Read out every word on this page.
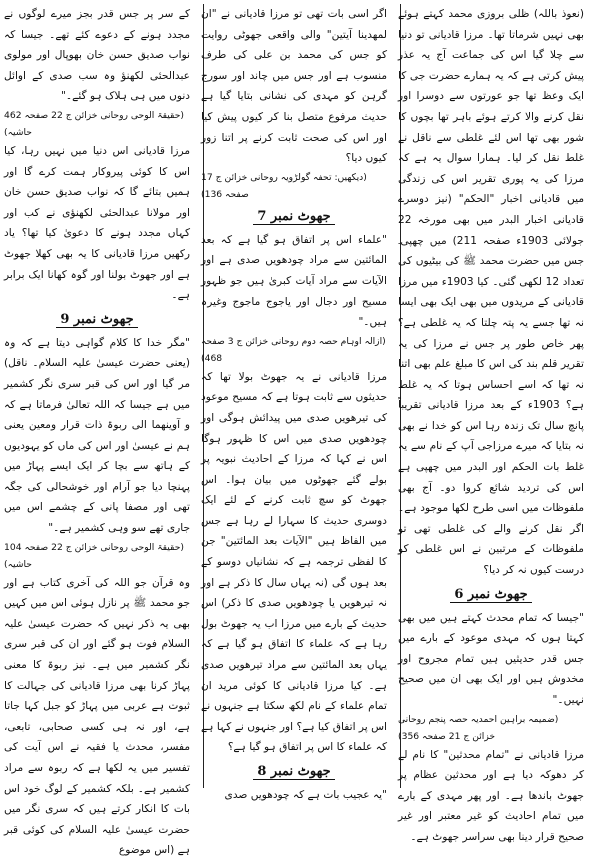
(نعوذ باللہ) ظلی بروزی محمد کہتے ہوئے بھی نہیں شرماتا تھا۔ مرزا قادیانی تو دنیا سے چلا گیا اس کی جماعت آج یہ عذر پیش کرتی ہے کہ یہ ہمارے حضرت جی کا ایک وعظ تھا جو عورتوں سے دوسرا اور نقل کرنے والا کرتے ہوئے باہر تھا بچوں کا شور بھی تھا اس لئے غلطی سے ناقل نے غلط نقل کر لیا۔ ہمارا سوال یہ ہے کہ مرزا کی یہ پوری تقریر اس کی زندگی میں قادیانی اخبار "الحکم" (نیز دوسرے قادیانی اخبار البدر میں بھی مورخہ 22 جولائی 1903ء صفحہ 211) میں چھپی۔ جس میں حضرت محمد ﷺ کی بیٹیوں کی تعداد 12 لکھی گئی۔ کیا 1903ء میں مرزا قادیانی کے مریدوں میں بھی ایک بھی ایسا نہ تھا جسے یہ پتہ چلتا کہ یہ غلطی ہے؟ پھر خاص طور پر جس نے مرزا کی یہ تقریر قلم بند کی اس کا مبلغ علم بھی اتنا نہ تھا کہ اسے احساس ہوتا کہ یہ غلط ہے؟ 1903ء کے بعد مرزا قادیانی تقریباً پانچ سال تک زندہ رہا اس کو خدا نے بھی نہ بتایا کہ میرے مرزاجی آپ کے نام سے یہ غلط بات الحکم اور البدر میں چھپی ہے اس کی تردید شائع کروا دو۔ آج بھی ملفوظات میں اسی طرح لکھا موجود ہے۔ اگر نقل کرنے والے کی غلطی تھی تو ملفوظات کے مرتبین نے اس غلطی کو درست کیوں نہ کر دیا؟

جھوٹ نمبر 6

"جیسا کہ تمام محدث کہتے ہیں میں بھی کہتا ہوں کہ مہدی موعود کے بارے میں جس قدر حدیثیں ہیں تمام مجروح اور مخدوش ہیں اور ایک بھی ان میں صحیح نہیں۔"

(ضمیمہ براہین احمدیہ حصہ پنجم روحانی خزائن ج 21 صفحہ 356)

مرزا قادیانی نے "تمام محدثین" کا نام لے کر دھوکہ دیا ہے اور محدثین عظام پر جھوٹ باندھا ہے۔ اور پھر مہدی کے بارے میں تمام احادیث کو غیر معتبر اور غیر صحیح قرار دینا بھی سراسر جھوٹ ہے۔

اگر اسی بات تھی تو مرزا قادیانی نے "ان لمھدینا آیتین" والی واقعی جھوٹی روایت کو جس کی محمد بن علی کی طرف منسوب ہے اور جس میں چاند اور سورج گرہن کو مہدی کی نشانی بتایا گیا ہے حدیث مرفوع متصل بنا کر کیوں پیش کیا اور اس کی صحت ثابت کرنے پر اتنا زور کیوں دیا؟

(دیکھیں: تحفہ گولڑویہ روحانی خزائن ج 17 صفحہ 136)

جھوٹ نمبر 7

"علماء اس پر اتفاق ہو گیا ہے کہ بعد المائتین سے مراد چودھویں صدی ہے اور الآیات سے مراد آیات کبریٰ ہیں جو ظہور مسیح اور دجال اور یاجوج ماجوج وغیرہ ہیں۔"

(ازالہ اوہام حصہ دوم روحانی خزائن ج 3 صفحہ 468)

مرزا قادیانی نے یہ جھوٹ بولا تھا کہ حدیثوں سے ثابت ہوتا ہے کہ مسیح موعود کی تیرھویں صدی میں پیدائش ہوگی اور چودھویں صدی میں اس کا ظہور ہوگا اس نے کہا کہ مرزا کے احادیث نبویہ پر بولے گئے جھوٹوں میں بیان ہوا۔ اس جھوٹ کو سچ ثابت کرنے کے لئے ایک دوسری حدیث کا سہارا لے رہا ہے جس میں الفاظ ہیں "الآیات بعد المائتین" جن کا لفظی ترجمہ ہے کہ نشانیاں دوسو کے بعد ہوں گی (نہ یہاں سال کا ذکر ہے اور نہ تیرھویں یا چودھویں صدی کا ذکر) اس حدیث کے بارے میں مرزا اب یہ جھوٹ بول رہا ہے کہ علماء کا اتفاق ہو گیا ہے کہ یہاں بعد المائتین سے مراد تیرھویں صدی ہے۔ کیا مرزا قادیانی کا کوئی مرید ان تمام علماء کے نام لکھ سکتا ہے جنہوں نے اس پر اتفاق کیا ہے؟ اور جنہوں نے کہا ہے کہ علماء کا اس پر اتفاق ہو گیا ہے؟

جھوٹ نمبر 8

"یہ عجیب بات ہے کہ چودھویں صدی

کے سر پر جس قدر بجز میرے لوگوں نے مجدد ہونے کے دعوے کئے تھے۔ جیسا کہ نواب صدیق حسن خان بھوپال اور مولوی عبدالحئی لکھنؤ وہ سب صدی کے اوائل دنوں میں ہی ہلاک ہو گئے۔"

(حقیقۃ الوحی روحانی خزائن ج 22 صفحہ 462 حاشیہ)

مرزا قادیانی اس دنیا میں نہیں رہا، کیا اس کا کوئی پیروکار ہمت کرے گا اور ہمیں بتائے گا کہ نواب صدیق حسن خان اور مولانا عبدالحئی لکھنؤی نے کب اور کہاں مجدد ہونے کا دعویٰ کیا تھا؟ یاد رکھیں مرزا قادیانی کا یہ بھی کھلا جھوٹ ہے اور جھوٹ بولنا اور گوہ کھانا ایک برابر ہے۔

جھوٹ نمبر 9

"مگر خدا کا کلام گواہی دیتا ہے کہ وہ (یعنی حضرت عیسیٰ علیہ السلام۔ ناقل) مر گیا اور اس کی قبر سری نگر کشمیر میں ہے جیسا کہ اللہ تعالیٰ فرماتا ہے کہ و آوینھما الی ربوۃ ذات قرار ومعین یعنی ہم نے عیسیٰ اور اس کی ماں کو یہودیوں کے ہاتھ سے بچا کر ایک ایسے پہاڑ میں پہنچا دیا جو آرام اور خوشحالی کی جگہ تھی اور مصفا پانی کے چشمے اس میں جاری تھے سو وہی کشمیر ہے۔"

(حقیقۃ الوحی روحانی خزائن ج 22 صفحہ 104 حاشیہ)

وہ قرآن جو اللہ کی آخری کتاب ہے اور جو محمد ﷺ پر نازل ہوئی اس میں کہیں بھی یہ ذکر نہیں کہ حضرت عیسیٰ علیہ السلام فوت ہو گئے اور ان کی قبر سری نگر کشمیر میں ہے۔ نیز ربوۃ کا معنی پہاڑ کرنا بھی مرزا قادیانی کی جہالت کا ثبوت ہے عربی میں پہاڑ کو جبل کہا جاتا ہے، اور نہ ہی کسی صحابی، تابعی، مفسر، محدث یا فقیہ نے اس آیت کی تفسیر میں یہ لکھا ہے کہ ربوہ سے مراد کشمیر ہے۔ بلکہ کشمیر کے لوگ خود اس بات کا انکار کرتے ہیں کہ سری نگر میں حضرت عیسیٰ علیہ السلام کی کوئی قبر ہے (اس موضوع
